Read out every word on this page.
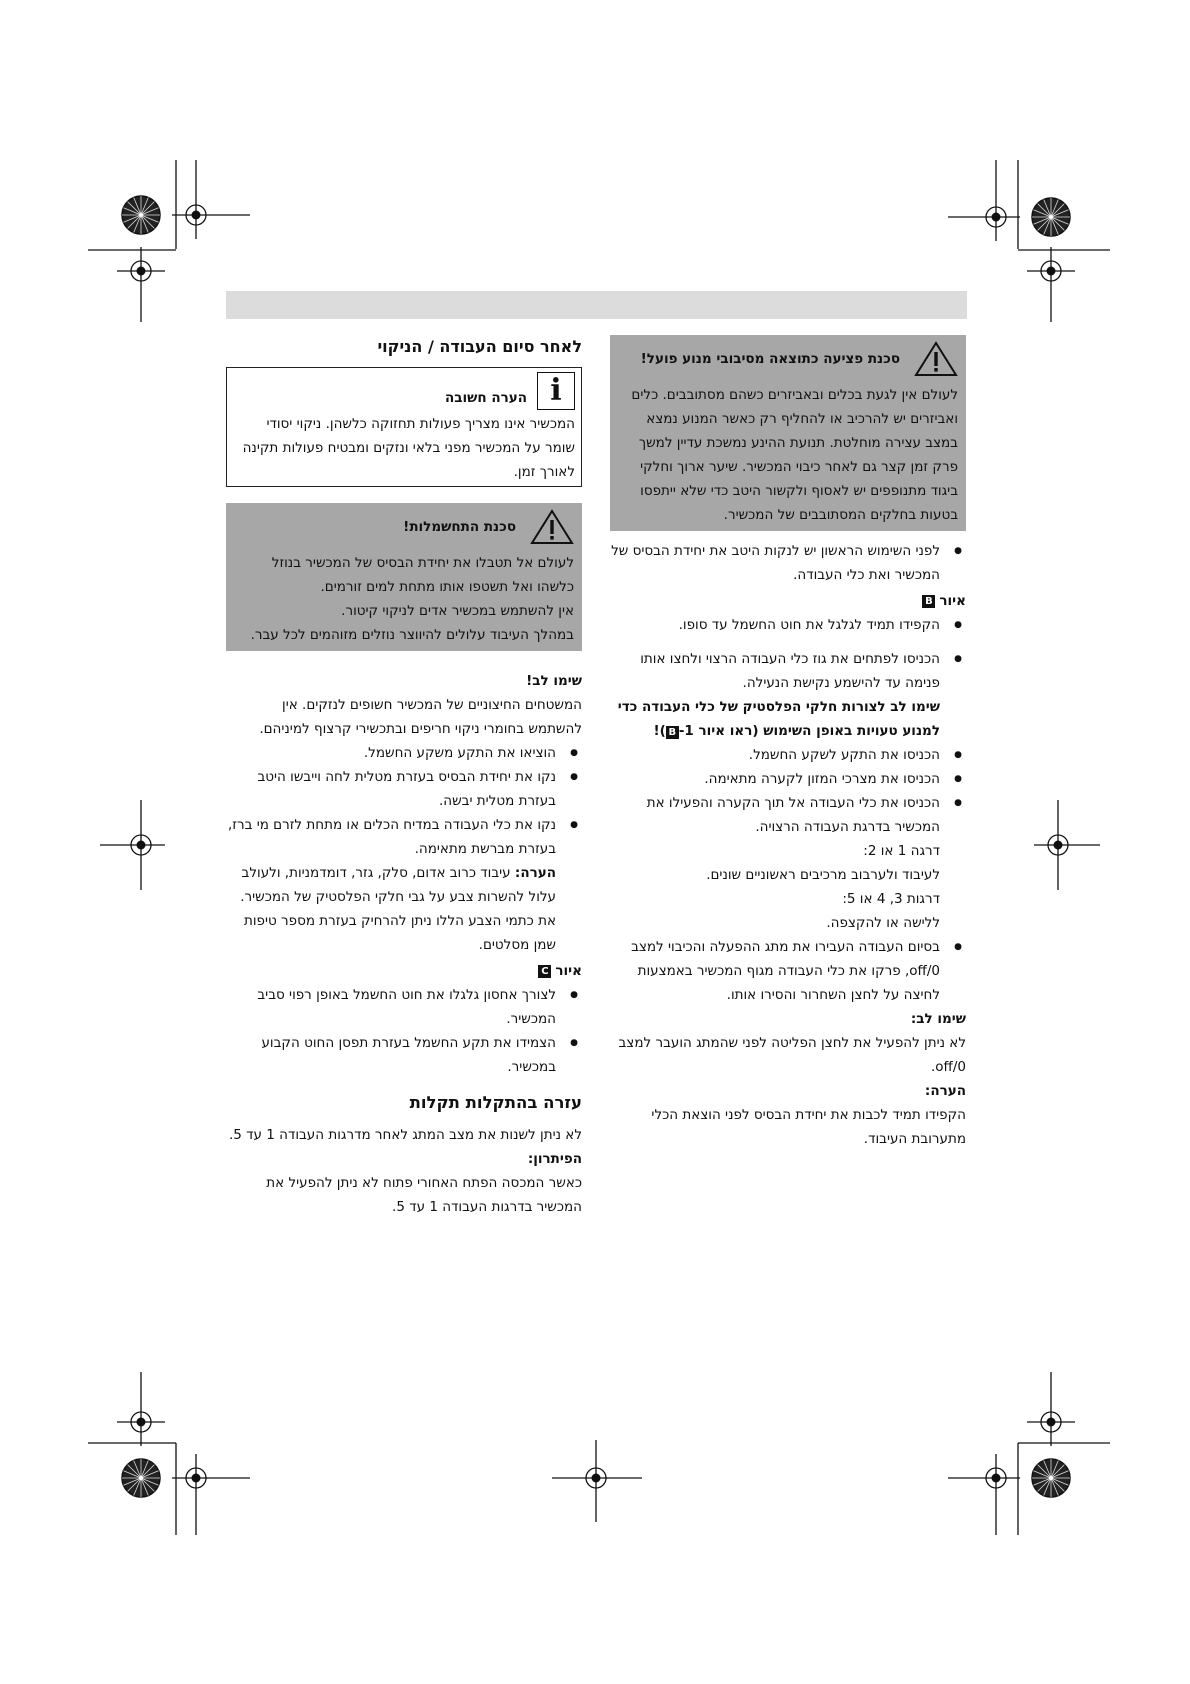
סכנת פציעה כתוצאה מסיבובי מנוע פועל!

לעולם אין לגעת בכלים ובאביזרים כשהם מסתובבים. כלים ואביזרים יש להרכיב או להחליף רק כאשר המנוע נמצא במצב עצירה מוחלטת. תנועת ההינע נמשכת עדיין למשך פרק זמן קצר גם לאחר כיבוי המכשיר. שיער ארוך וחלקי ביגוד מתנופפים יש לאסוף ולקשור היטב כדי שלא ייתפסו בטעות בחלקים המסתובבים של המכשיר.

● לפני השימוש הראשון יש לנקות היטב את יחידת הבסיס של המכשיר ואת כלי העבודה.
איור
B
● הקפידו תמיד לגלגל את חוט החשמל עד סופו.
● הכניסו לפתחים את גוז כלי העבודה הרצוי ולחצו אותו פנימה עד להישמע נקישת הנעילה.

שימו לב לצורות חלקי הפלסטיק של כלי העבודה כדי למנוע טעויות באופן השימוש (ראו איור ‎1-B)!

● הכניסו את התקע לשקע החשמל.
● הכניסו את מצרכי המזון לקערה מתאימה.
● הכניסו את כלי העבודה אל תוך הקערה והפעילו את המכשיר בדרגת העבודה הרצויה.

דרגה 1 או 2:

לעיבוד ולערבוב מרכיבים ראשוניים שונים.

דרגות 3, 4 או 5:

ללישה או להקצפה.

● בסיום העבודה העבירו את מתג ההפעלה והכיבוי למצב off/0, פרקו את כלי העבודה מגוף המכשיר באמצעות לחיצה על לחצן השחרור והסירו אותו.

שימו לב:

לא ניתן להפעיל את לחצן הפליטה לפני שהמתג הועבר למצב off/0.

הערה:

הקפידו תמיד לכבות את יחידת הבסיס לפני הוצאת הכלי מתערובת העיבוד.

לאחר סיום העבודה / הניקוי
i
הערה חשובה

המכשיר אינו מצריך פעולות תחזוקה כלשהן. ניקוי יסודי שומר על המכשיר מפני בלאי ונזקים ומבטיח פעולות תקינה לאורך זמן.

סכנת התחשמלות!

לעולם אל תטבלו את יחידת הבסיס של המכשיר בנוזל כלשהו ואל תשטפו אותו מתחת למים זורמים.

אין להשתמש במכשיר אדים לניקוי קיטור.

במהלך העיבוד עלולים להיווצר נוזלים מזוהמים לכל עבר.

שימו לב!

המשטחים החיצוניים של המכשיר חשופים לנזקים. אין להשתמש בחומרי ניקוי חריפים ובתכשירי קרצוף למיניהם.

● הוציאו את התקע משקע החשמל.
● נקו את יחידת הבסיס בעזרת מטלית לחה וייבשו היטב בעזרת מטלית יבשה.
● נקו את כלי העבודה במדיח הכלים או מתחת לזרם מי ברז, בעזרת מברשת מתאימה.

הערה: עיבוד כרוב אדום, סלק, גזר, דומדמניות, ולעולב עלול להשרות צבע על גבי חלקי הפלסטיק של המכשיר. את כתמי הצבע הללו ניתן להרחיק בעזרת מספר טיפות שמן מסלטים.

איור
C
● לצורך אחסון גלגלו את חוט החשמל באופן רפוי סביב המכשיר.
● הצמידו את תקע החשמל בעזרת תפסן החוט הקבוע במכשיר.
עזרה בהתקלות תקלות

לא ניתן לשנות את מצב המתג לאחר מדרגות העבודה 1 עד 5.

הפיתרון:

כאשר המכסה הפתח האחורי פתוח לא ניתן להפעיל את המכשיר בדרגות העבודה 1 עד 5.
